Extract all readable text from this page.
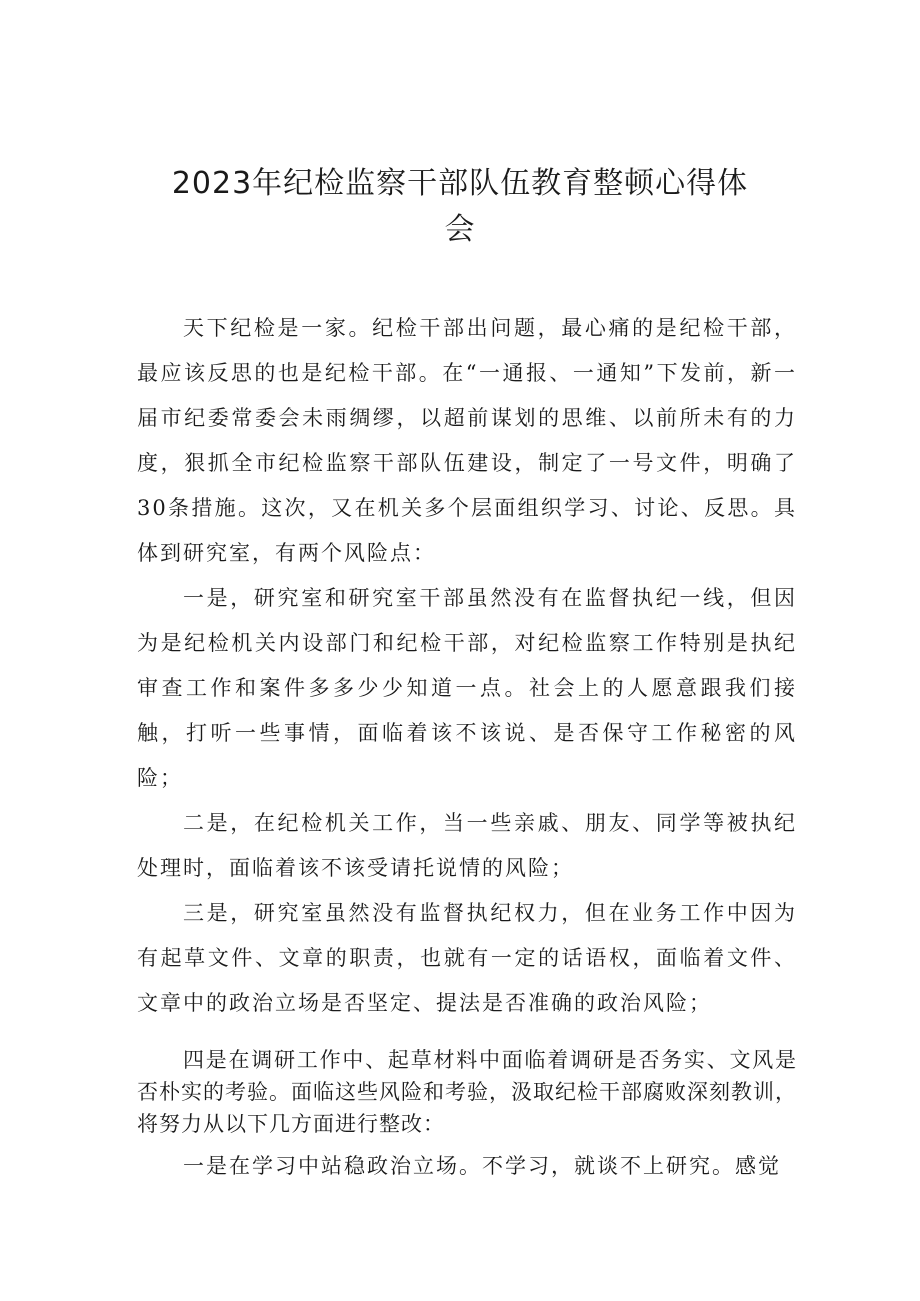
2023年纪检监察干部队伍教育整顿心得体
会

天下纪检是一家。纪检干部出问题，最心痛的是纪检干部，最应该反思的也是纪检干部。在“一通报、一通知”下发前，新一届市纪委常委会未雨绸缪，以超前谋划的思维、以前所未有的力度，狠抓全市纪检监察干部队伍建设，制定了一号文件，明确了30条措施。这次，又在机关多个层面组织学习、讨论、反思。具体到研究室，有两个风险点：

一是，研究室和研究室干部虽然没有在监督执纪一线，但因为是纪检机关内设部门和纪检干部，对纪检监察工作特别是执纪审查工作和案件多多少少知道一点。社会上的人愿意跟我们接触，打听一些事情，面临着该不该说、是否保守工作秘密的风险；

二是，在纪检机关工作，当一些亲戚、朋友、同学等被执纪处理时，面临着该不该受请托说情的风险；

三是，研究室虽然没有监督执纪权力，但在业务工作中因为有起草文件、文章的职责，也就有一定的话语权，面临着文件、文章中的政治立场是否坚定、提法是否准确的政治风险；

四是在调研工作中、起草材料中面临着调研是否务实、文风是否朴实的考验。面临这些风险和考验，汲取纪检干部腐败深刻教训，将努力从以下几方面进行整改：

一是在学习中站稳政治立场。不学习，就谈不上研究。感觉
